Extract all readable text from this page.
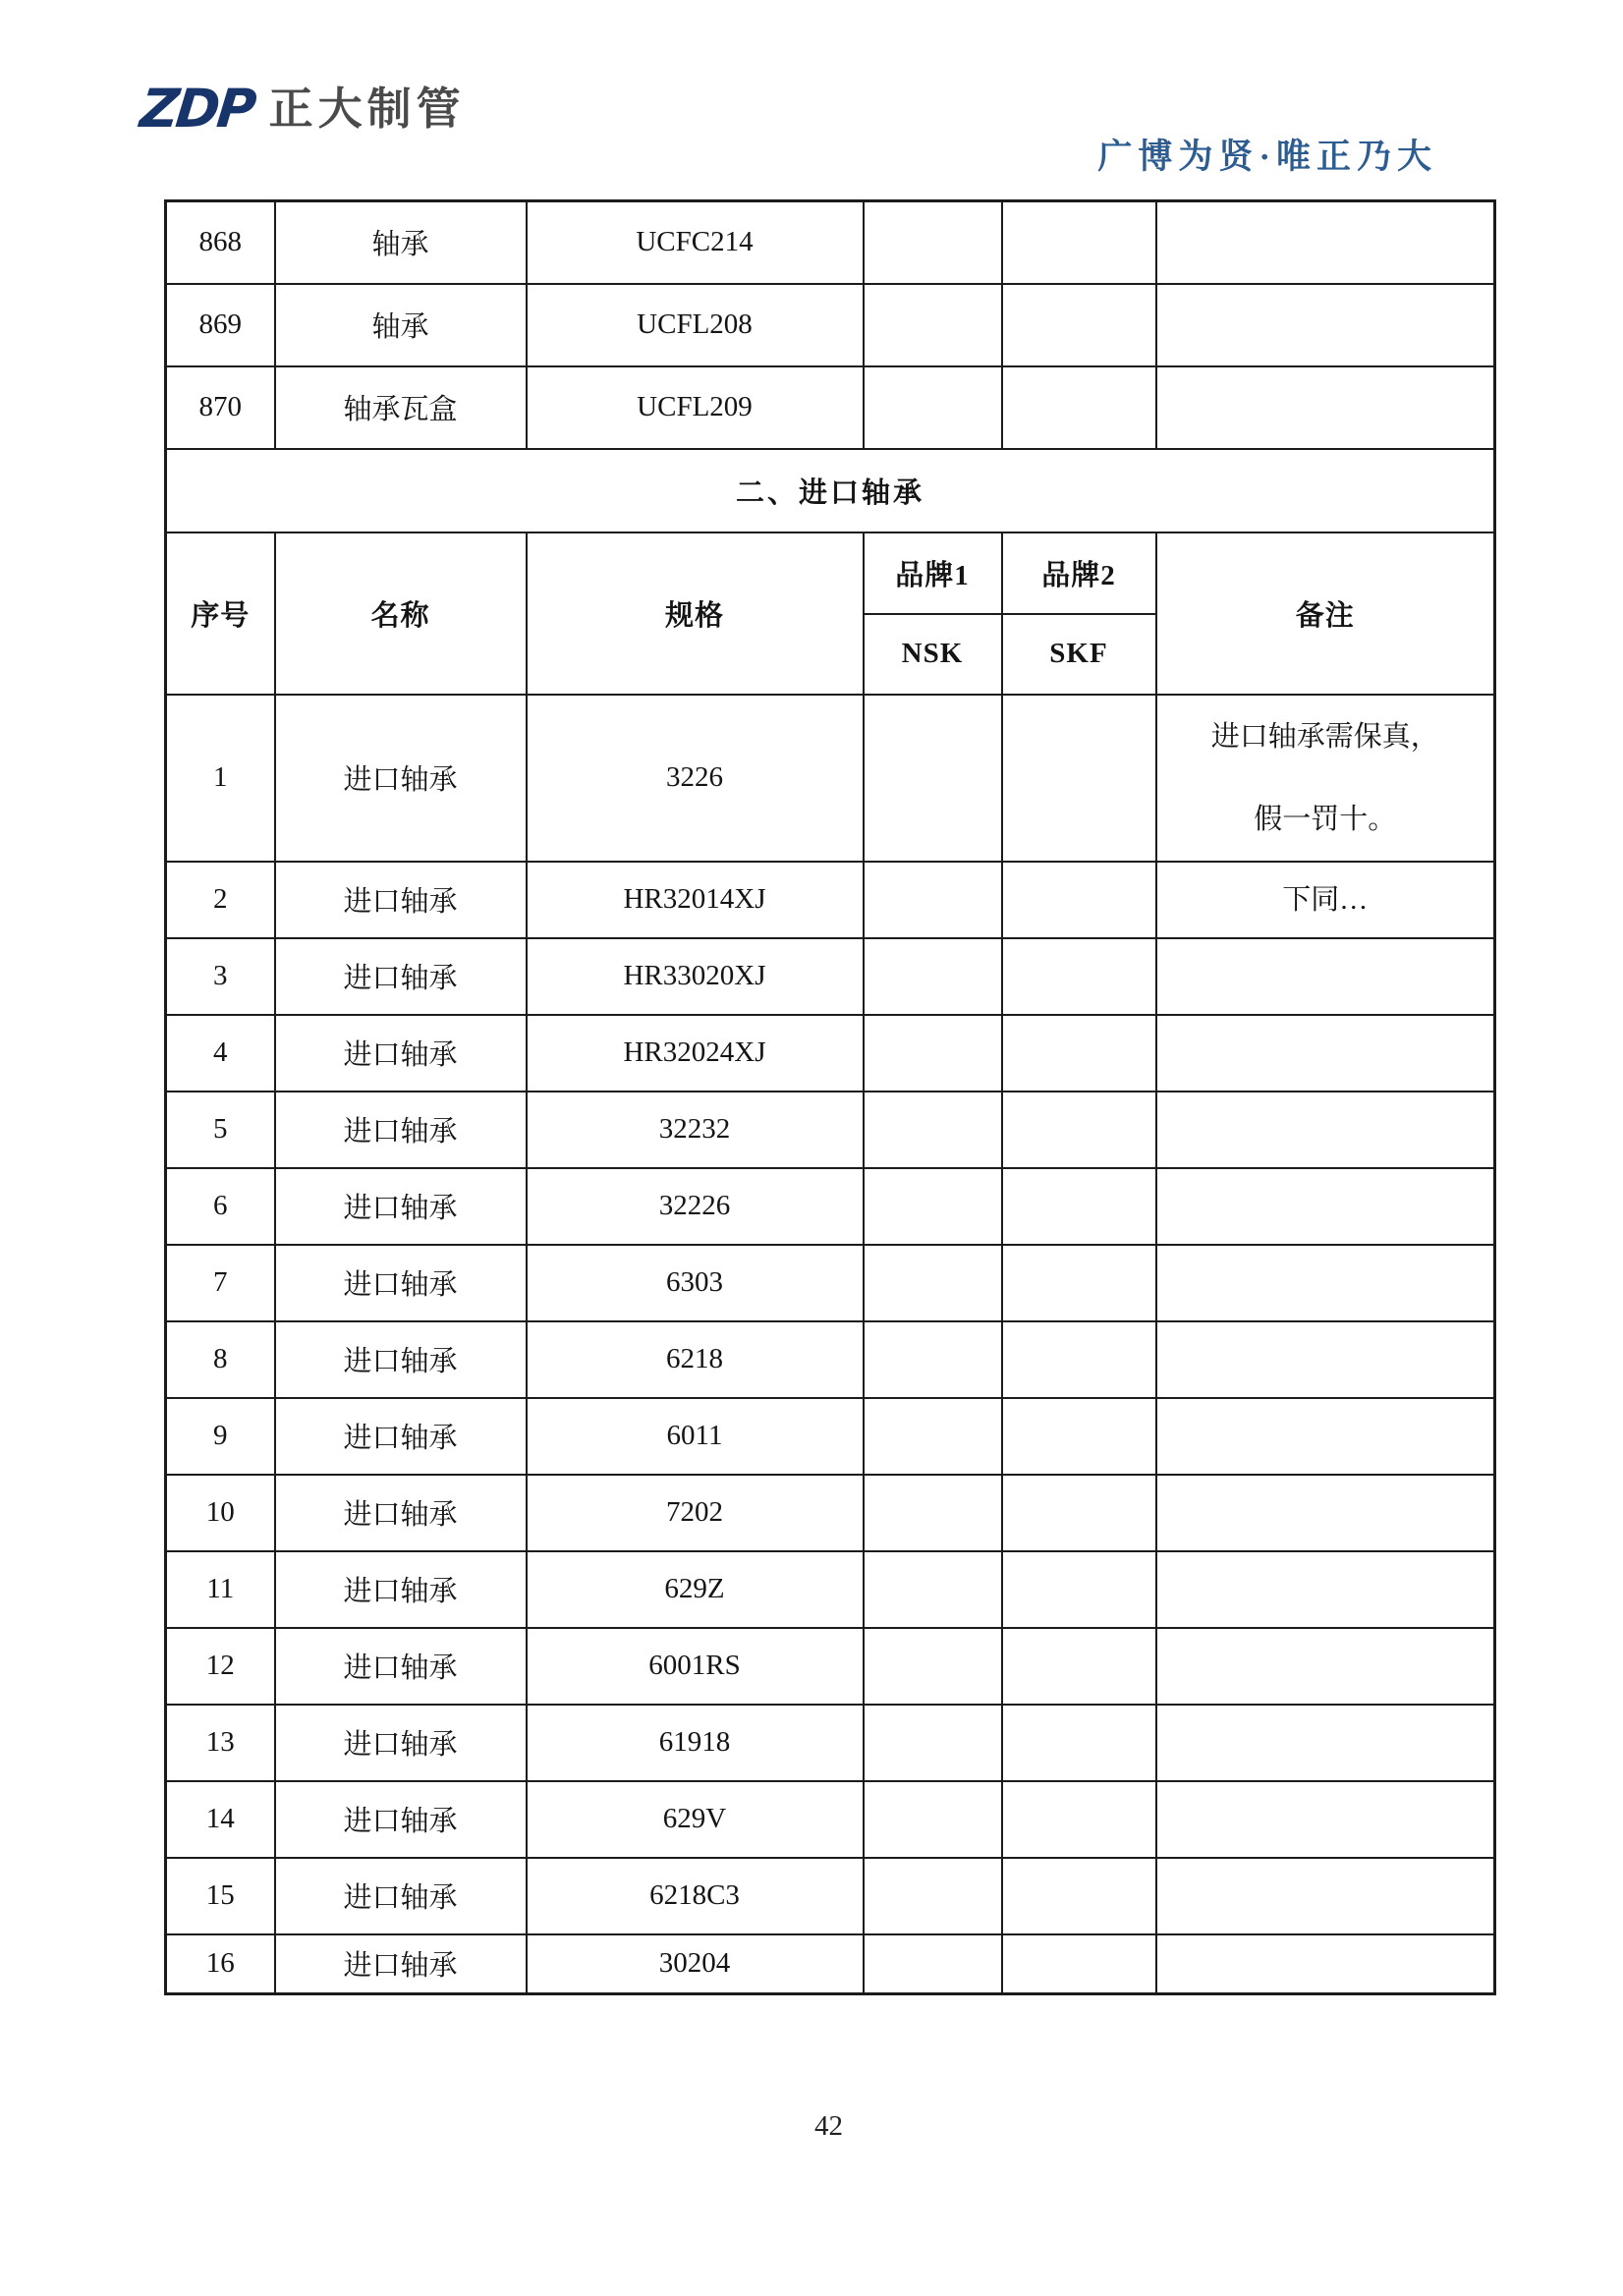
ZDP 正大制管
广博为贤·唯正乃大
868	轴承	UCFC214			
869	轴承	UCFL208			
870	轴承瓦盒	UCFL209			
二、进口轴承					
序号	名称	规格	品牌1	品牌2	备注
			NSK	SKF	
1	进口轴承	3226			进口轴承需保真，
假一罚十。

2	进口轴承	HR32014XJ			下同…

3	进口轴承	HR33020XJ			
4	进口轴承	HR32024XJ			
5	进口轴承	32232			
6	进口轴承	32226			
7	进口轴承	6303			
8	进口轴承	6218			
9	进口轴承	6011			
10	进口轴承	7202			
11	进口轴承	629Z			
12	进口轴承	6001RS			
13	进口轴承	61918			
14	进口轴承	629V			
15	进口轴承	6218C3			
16	进口轴承	30204			
42
